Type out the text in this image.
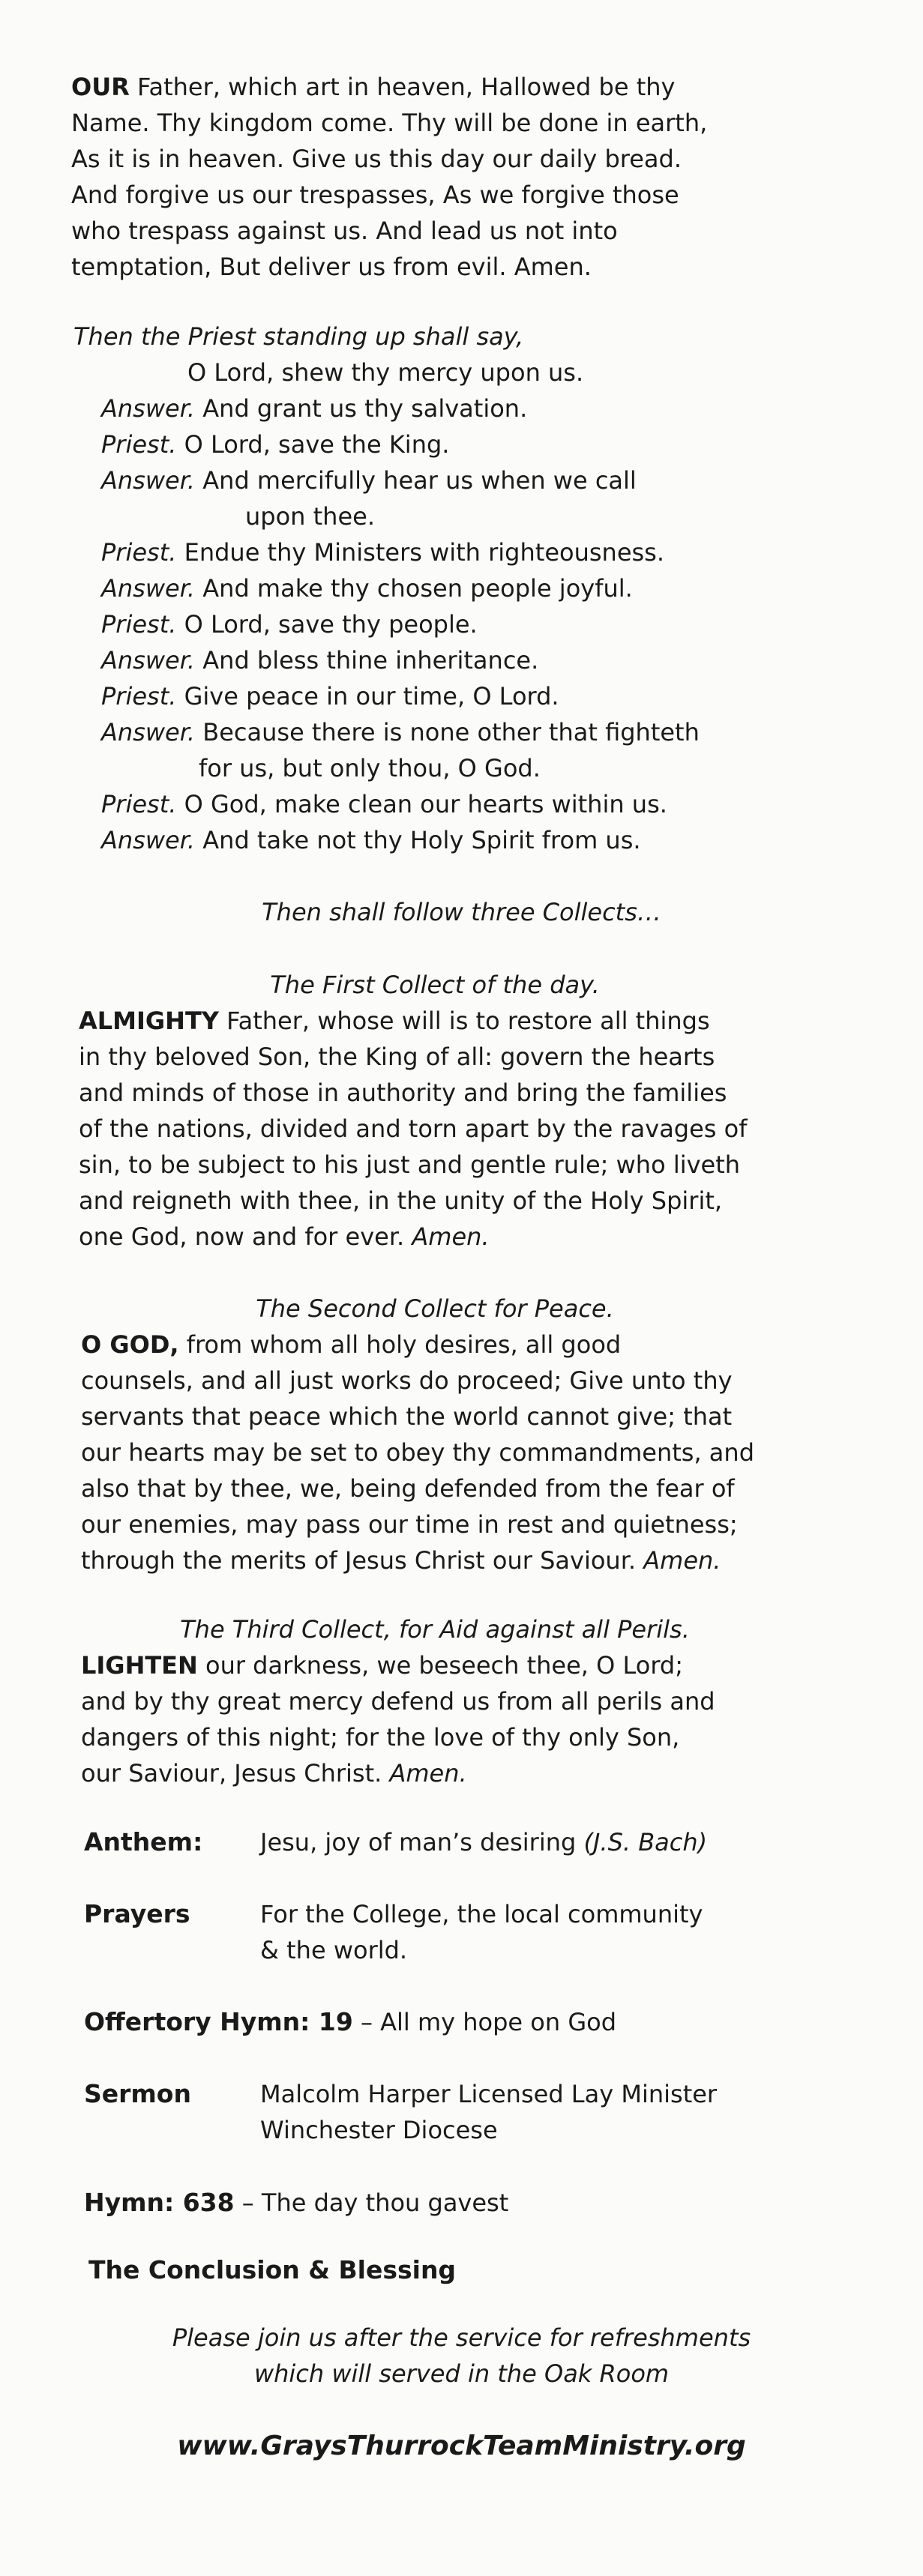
OUR Father, which art in heaven, Hallowed be thy

Name. Thy kingdom come. Thy will be done in earth,

As it is in heaven. Give us this day our daily bread.

And forgive us our trespasses, As we forgive those

who trespass against us. And lead us not into

temptation, But deliver us from evil. Amen.

Then the Priest standing up shall say,

O Lord, shew thy mercy upon us.

Answer. And grant us thy salvation.

Priest. O Lord, save the King.

Answer. And mercifully hear us when we call

upon thee.

Priest. Endue thy Ministers with righteousness.

Answer. And make thy chosen people joyful.

Priest. O Lord, save thy people.

Answer. And bless thine inheritance.

Priest. Give peace in our time, O Lord.

Answer. Because there is none other that fighteth

for us, but only thou, O God.

Priest. O God, make clean our hearts within us.

Answer. And take not thy Holy Spirit from us.

Then shall follow three Collects…

The First Collect of the day.

ALMIGHTY Father, whose will is to restore all things

in thy beloved Son, the King of all: govern the hearts

and minds of those in authority and bring the families

of the nations, divided and torn apart by the ravages of

sin, to be subject to his just and gentle rule; who liveth

and reigneth with thee, in the unity of the Holy Spirit,

one God, now and for ever. Amen.

The Second Collect for Peace.

O GOD, from whom all holy desires, all good

counsels, and all just works do proceed; Give unto thy

servants that peace which the world cannot give; that

our hearts may be set to obey thy commandments, and

also that by thee, we, being defended from the fear of

our enemies, may pass our time in rest and quietness;

through the merits of Jesus Christ our Saviour. Amen.

The Third Collect, for Aid against all Perils.

LIGHTEN our darkness, we beseech thee, O Lord;

and by thy great mercy defend us from all perils and

dangers of this night; for the love of thy only Son,

our Saviour, Jesus Christ. Amen.

Anthem: Jesu, joy of man’s desiring (J.S. Bach)
Prayers	For the College, the local community

& the world.

Offertory Hymn: 19 – All my hope on God
Sermon	Malcolm Harper Licensed Lay Minister

Winchester Diocese

Hymn: 638 – The day thou gavest
The Conclusion & Blessing

Please join us after the service for refreshments

which will served in the Oak Room

www.GraysThurrockTeamMinistry.org
